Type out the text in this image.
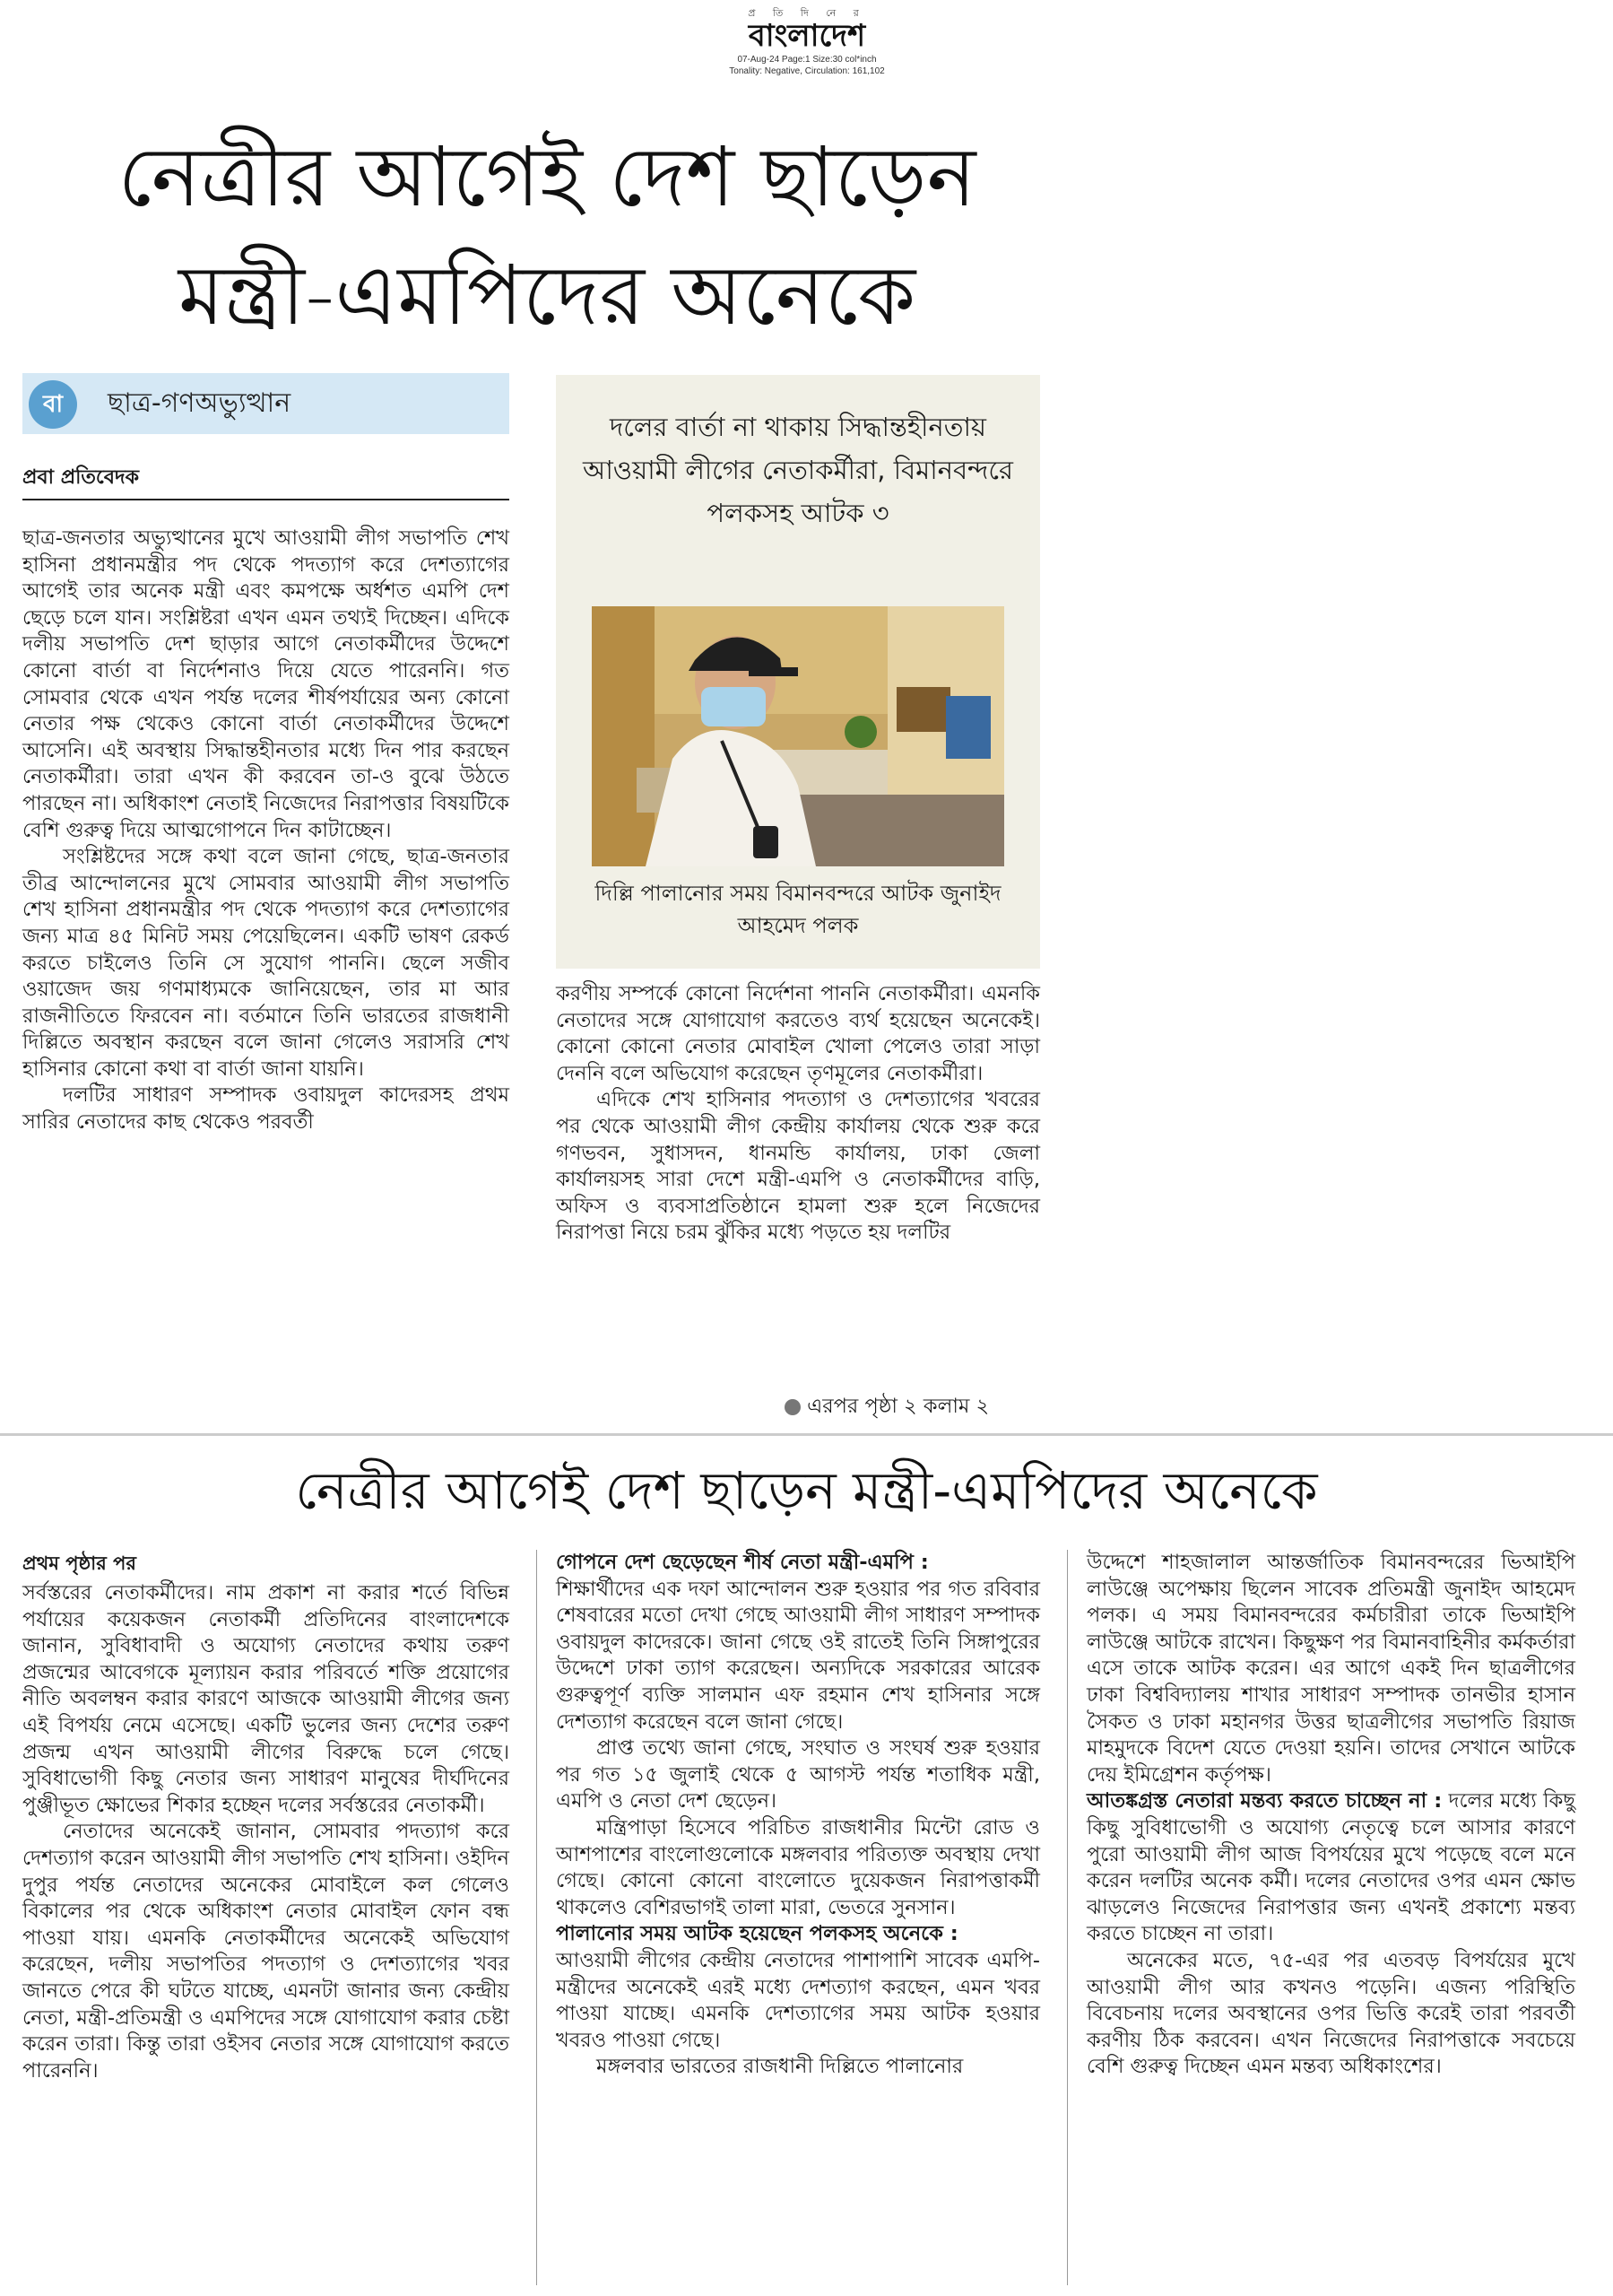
প্র তি দি নে র
বাংলাদেশ
07-Aug-24 Page:1 Size:30 col*inch
Tonality: Negative, Circulation: 161,102
নেত্রীর আগেই দেশ ছাড়েন
মন্ত্রী-এমপিদের অনেকে
বা	ছাত্র-গণঅভ্যুত্থান
প্রবা প্রতিবেদক

ছাত্র-জনতার অভ্যুত্থানের মুখে আওয়ামী লীগ সভাপতি শেখ হাসিনা প্রধানমন্ত্রীর পদ থেকে পদত্যাগ করে দেশত্যাগের আগেই তার অনেক মন্ত্রী এবং কমপক্ষে অর্ধশত এমপি দেশ ছেড়ে চলে যান। সংশ্লিষ্টরা এখন এমন তথ্যই দিচ্ছেন। এদিকে দলীয় সভাপতি দেশ ছাড়ার আগে নেতাকর্মীদের উদ্দেশে কোনো বার্তা বা নির্দেশনাও দিয়ে যেতে পারেননি। গত সোমবার থেকে এখন পর্যন্ত দলের শীর্ষপর্যায়ের অন্য কোনো নেতার পক্ষ থেকেও কোনো বার্তা নেতাকর্মীদের উদ্দেশে আসেনি। এই অবস্থায় সিদ্ধান্তহীনতার মধ্যে দিন পার করছেন নেতাকর্মীরা। তারা এখন কী করবেন তা-ও বুঝে উঠতে পারছেন না। অধিকাংশ নেতাই নিজেদের নিরাপত্তার বিষয়টিকে বেশি গুরুত্ব দিয়ে আত্মগোপনে দিন কাটাচ্ছেন।

সংশ্লিষ্টদের সঙ্গে কথা বলে জানা গেছে, ছাত্র-জনতার তীব্র আন্দোলনের মুখে সোমবার আওয়ামী লীগ সভাপতি শেখ হাসিনা প্রধানমন্ত্রীর পদ থেকে পদত্যাগ করে দেশত্যাগের জন্য মাত্র ৪৫ মিনিট সময় পেয়েছিলেন। একটি ভাষণ রেকর্ড করতে চাইলেও তিনি সে সুযোগ পাননি। ছেলে সজীব ওয়াজেদ জয় গণমাধ্যমকে জানিয়েছেন, তার মা আর রাজনীতিতে ফিরবেন না। বর্তমানে তিনি ভারতের রাজধানী দিল্লিতে অবস্থান করছেন বলে জানা গেলেও সরাসরি শেখ হাসিনার কোনো কথা বা বার্তা জানা যায়নি।

দলটির সাধারণ সম্পাদক ওবায়দুল কাদেরসহ প্রথম সারির নেতাদের কাছ থেকেও পরবর্তী

দলের বার্তা না থাকায় সিদ্ধান্তহীনতায় আওয়ামী লীগের নেতাকর্মীরা, বিমানবন্দরে পলকসহ আটক ৩
দিল্লি পালানোর সময় বিমানবন্দরে আটক জুনাইদ আহমেদ পলক

করণীয় সম্পর্কে কোনো নির্দেশনা পাননি নেতাকর্মীরা। এমনকি নেতাদের সঙ্গে যোগাযোগ করতেও ব্যর্থ হয়েছেন অনেকেই। কোনো কোনো নেতার মোবাইল খোলা পেলেও তারা সাড়া দেননি বলে অভিযোগ করেছেন তৃণমূলের নেতাকর্মীরা।

এদিকে শেখ হাসিনার পদত্যাগ ও দেশত্যাগের খবরের পর থেকে আওয়ামী লীগ কেন্দ্রীয় কার্যালয় থেকে শুরু করে গণভবন, সুধাসদন, ধানমন্ডি কার্যালয়, ঢাকা জেলা কার্যালয়সহ সারা দেশে মন্ত্রী-এমপি ও নেতাকর্মীদের বাড়ি, অফিস ও ব্যবসাপ্রতিষ্ঠানে হামলা শুরু হলে নিজেদের নিরাপত্তা নিয়ে চরম ঝুঁকির মধ্যে পড়তে হয় দলটির

এরপর পৃষ্ঠা ২ কলাম ২
নেত্রীর আগেই দেশ ছাড়েন মন্ত্রী-এমপিদের অনেকে
প্রথম পৃষ্ঠার পর

সর্বস্তরের নেতাকর্মীদের। নাম প্রকাশ না করার শর্তে বিভিন্ন পর্যায়ের কয়েকজন নেতাকর্মী প্রতিদিনের বাংলাদেশকে জানান, সুবিধাবাদী ও অযোগ্য নেতাদের কথায় তরুণ প্রজন্মের আবেগকে মূল্যায়ন করার পরিবর্তে শক্তি প্রয়োগের নীতি অবলম্বন করার কারণে আজকে আওয়ামী লীগের জন্য এই বিপর্যয় নেমে এসেছে। একটি ভুলের জন্য দেশের তরুণ প্রজন্ম এখন আওয়ামী লীগের বিরুদ্ধে চলে গেছে। সুবিধাভোগী কিছু নেতার জন্য সাধারণ মানুষের দীর্ঘদিনের পুঞ্জীভূত ক্ষোভের শিকার হচ্ছেন দলের সর্বস্তরের নেতাকর্মী।

নেতাদের অনেকেই জানান, সোমবার পদত্যাগ করে দেশত্যাগ করেন আওয়ামী লীগ সভাপতি শেখ হাসিনা। ওইদিন দুপুর পর্যন্ত নেতাদের অনেকের মোবাইলে কল গেলেও বিকালের পর থেকে অধিকাংশ নেতার মোবাইল ফোন বন্ধ পাওয়া যায়। এমনকি নেতাকর্মীদের অনেকেই অভিযোগ করেছেন, দলীয় সভাপতির পদত্যাগ ও দেশত্যাগের খবর জানতে পেরে কী ঘটতে যাচ্ছে, এমনটা জানার জন্য কেন্দ্রীয় নেতা, মন্ত্রী-প্রতিমন্ত্রী ও এমপিদের সঙ্গে যোগাযোগ করার চেষ্টা করেন তারা। কিন্তু তারা ওইসব নেতার সঙ্গে যোগাযোগ করতে পারেননি।

গোপনে দেশ ছেড়েছেন শীর্ষ নেতা মন্ত্রী-এমপি :

শিক্ষার্থীদের এক দফা আন্দোলন শুরু হওয়ার পর গত রবিবার শেষবারের মতো দেখা গেছে আওয়ামী লীগ সাধারণ সম্পাদক ওবায়দুল কাদেরকে। জানা গেছে ওই রাতেই তিনি সিঙ্গাপুরের উদ্দেশে ঢাকা ত্যাগ করেছেন। অন্যদিকে সরকারের আরেক গুরুত্বপূর্ণ ব্যক্তি সালমান এফ রহমান শেখ হাসিনার সঙ্গে দেশত্যাগ করেছেন বলে জানা গেছে।

প্রাপ্ত তথ্যে জানা গেছে, সংঘাত ও সংঘর্ষ শুরু হওয়ার পর গত ১৫ জুলাই থেকে ৫ আগস্ট পর্যন্ত শতাধিক মন্ত্রী, এমপি ও নেতা দেশ ছেড়েন।

মন্ত্রিপাড়া হিসেবে পরিচিত রাজধানীর মিন্টো রোড ও আশপাশের বাংলোগুলোকে মঙ্গলবার পরিত্যক্ত অবস্থায় দেখা গেছে। কোনো কোনো বাংলোতে দুয়েকজন নিরাপত্তাকর্মী থাকলেও বেশিরভাগই তালা মারা, ভেতরে সুনসান।

পালানোর সময় আটক হয়েছেন পলকসহ অনেকে :

আওয়ামী লীগের কেন্দ্রীয় নেতাদের পাশাপাশি সাবেক এমপি-মন্ত্রীদের অনেকেই এরই মধ্যে দেশত্যাগ করছেন, এমন খবর পাওয়া যাচ্ছে। এমনকি দেশত্যাগের সময় আটক হওয়ার খবরও পাওয়া গেছে।

মঙ্গলবার ভারতের রাজধানী দিল্লিতে পালানোর

উদ্দেশে শাহজালাল আন্তর্জাতিক বিমানবন্দরের ভিআইপি লাউঞ্জে অপেক্ষায় ছিলেন সাবেক প্রতিমন্ত্রী জুনাইদ আহমেদ পলক। এ সময় বিমানবন্দরের কর্মচারীরা তাকে ভিআইপি লাউঞ্জে আটকে রাখেন। কিছুক্ষণ পর বিমানবাহিনীর কর্মকর্তারা এসে তাকে আটক করেন। এর আগে একই দিন ছাত্রলীগের ঢাকা বিশ্ববিদ্যালয় শাখার সাধারণ সম্পাদক তানভীর হাসান সৈকত ও ঢাকা মহানগর উত্তর ছাত্রলীগের সভাপতি রিয়াজ মাহমুদকে বিদেশ যেতে দেওয়া হয়নি। তাদের সেখানে আটকে দেয় ইমিগ্রেশন কর্তৃপক্ষ।

আতঙ্কগ্রস্ত নেতারা মন্তব্য করতে চাচ্ছেন না : দলের মধ্যে কিছু কিছু সুবিধাভোগী ও অযোগ্য নেতৃত্বে চলে আসার কারণে পুরো আওয়ামী লীগ আজ বিপর্যয়ের মুখে পড়েছে বলে মনে করেন দলটির অনেক কর্মী। দলের নেতাদের ওপর এমন ক্ষোভ ঝাড়লেও নিজেদের নিরাপত্তার জন্য এখনই প্রকাশ্যে মন্তব্য করতে চাচ্ছেন না তারা।

অনেকের মতে, ৭৫-এর পর এতবড় বিপর্যয়ের মুখে আওয়ামী লীগ আর কখনও পড়েনি। এজন্য পরিস্থিতি বিবেচনায় দলের অবস্থানের ওপর ভিত্তি করেই তারা পরবর্তী করণীয় ঠিক করবেন। এখন নিজেদের নিরাপত্তাকে সবচেয়ে বেশি গুরুত্ব দিচ্ছেন এমন মন্তব্য অধিকাংশের।
